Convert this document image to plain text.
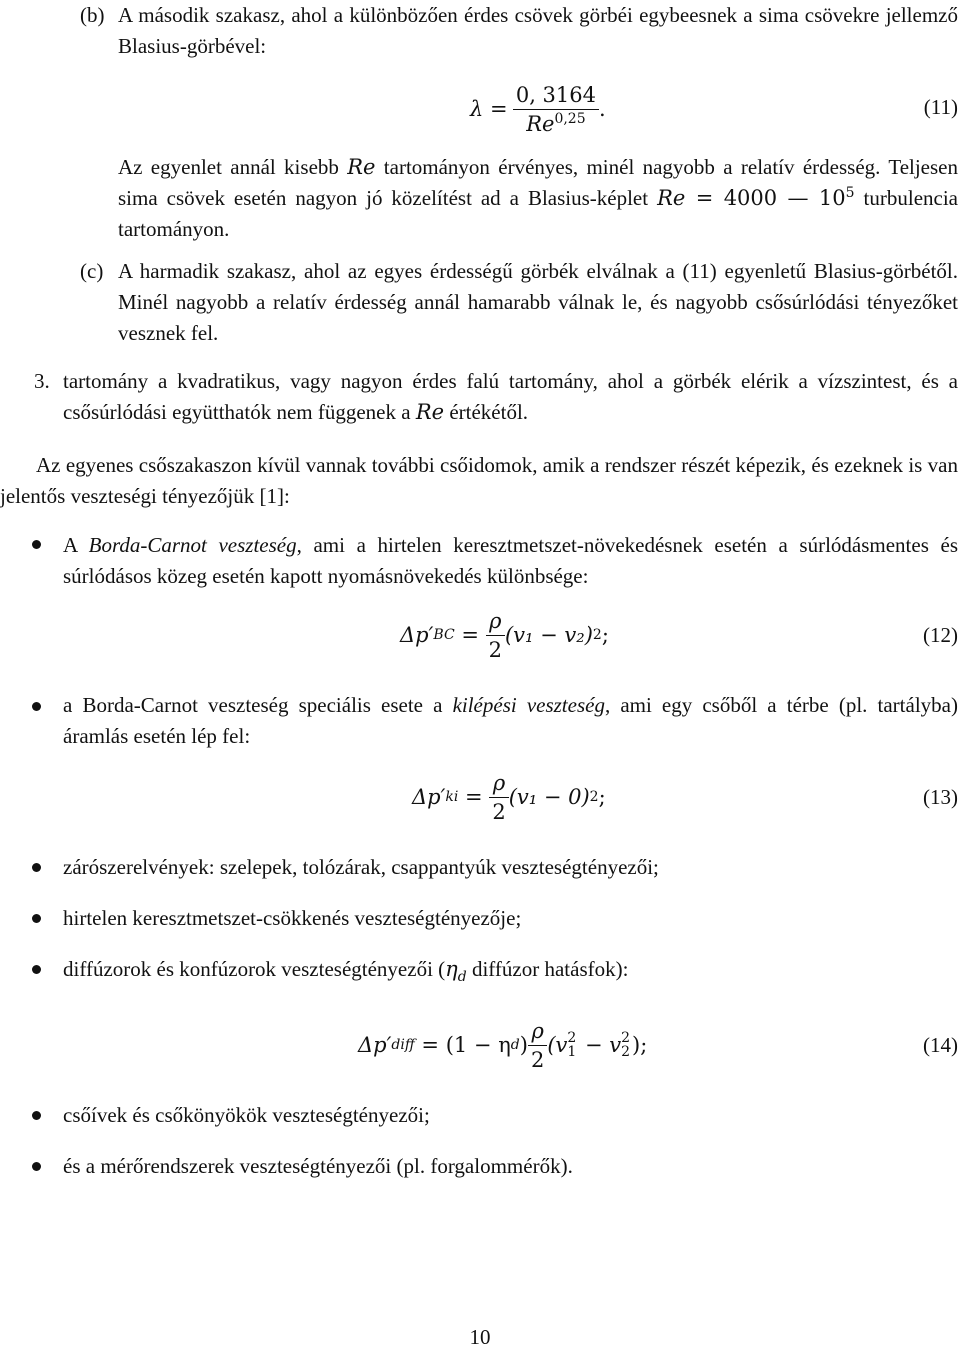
(b) A második szakasz, ahol a különbözően érdes csövek görbéi egybeesnek a sima csövekre jellemző Blasius-görbével:
λ =
$\frac{0, 3164}{Re^{0,25}}$ .	(11)
Az egyenlet annál kisebb Re tartományon érvényes, minél nagyobb a relatív érdesség. Teljesen sima csövek esetén nagyon jó közelítést ad a Blasius-képlet Re = 4000 — $10^5$ turbulencia tartományon.
(c) A harmadik szakasz, ahol az egyes érdességű görbék elválnak a (11) egyenletű Blasius-görbétől. Minél nagyobb a relatív érdesség annál hamarabb válnak le, és nagyobb csősúrlódási tényezőket vesznek fel.
3. tartomány a kvadratikus, vagy nagyon érdes falú tartomány, ahol a görbék elérik a vízszintest, és a csősúrlódási együtthatók nem függenek a Re értékétől.
Az egyenes csőszakaszon kívül vannak további csőidomok, amik a rendszer részét képezik, és ezeknek is van jelentős veszteségi tényezőjük [1]:
A Borda-Carnot veszteség, ami a hirtelen keresztmetszet-növekedésnek esetén a súrlódásmentes és súrlódásos közeg esetén kapott nyomásnövekedés különbsége:
Δp′ BC = $\frac{\rho}{2} (v_1 - v_2)$ 2 ;	(12)
a Borda-Carnot veszteség speciális esete a kilépési veszteség, ami egy csőből a térbe (pl. tartályba) áramlás esetén lép fel:
Δp′ ki = $\frac{\rho}{2} (v_1 - 0)$ 2 ;	(13)
zárószerelvények: szelepek, tolózárak, csappantyúk veszteségtényezői;
hirtelen keresztmetszet-csökkenés veszteségtényezője;
diffúzorok és konfúzorok veszteségtényezői ($\eta_d$ diffúzor hatásfok):
Δp′ diff = (1 − η d ) $\frac{\rho}{2} (v$ 2
1 − v 2
2 );	(14)
csőívek és csőkönyökök veszteségtényezői;
és a mérőrendszerek veszteségtényezői (pl. forgalommérők).
10
